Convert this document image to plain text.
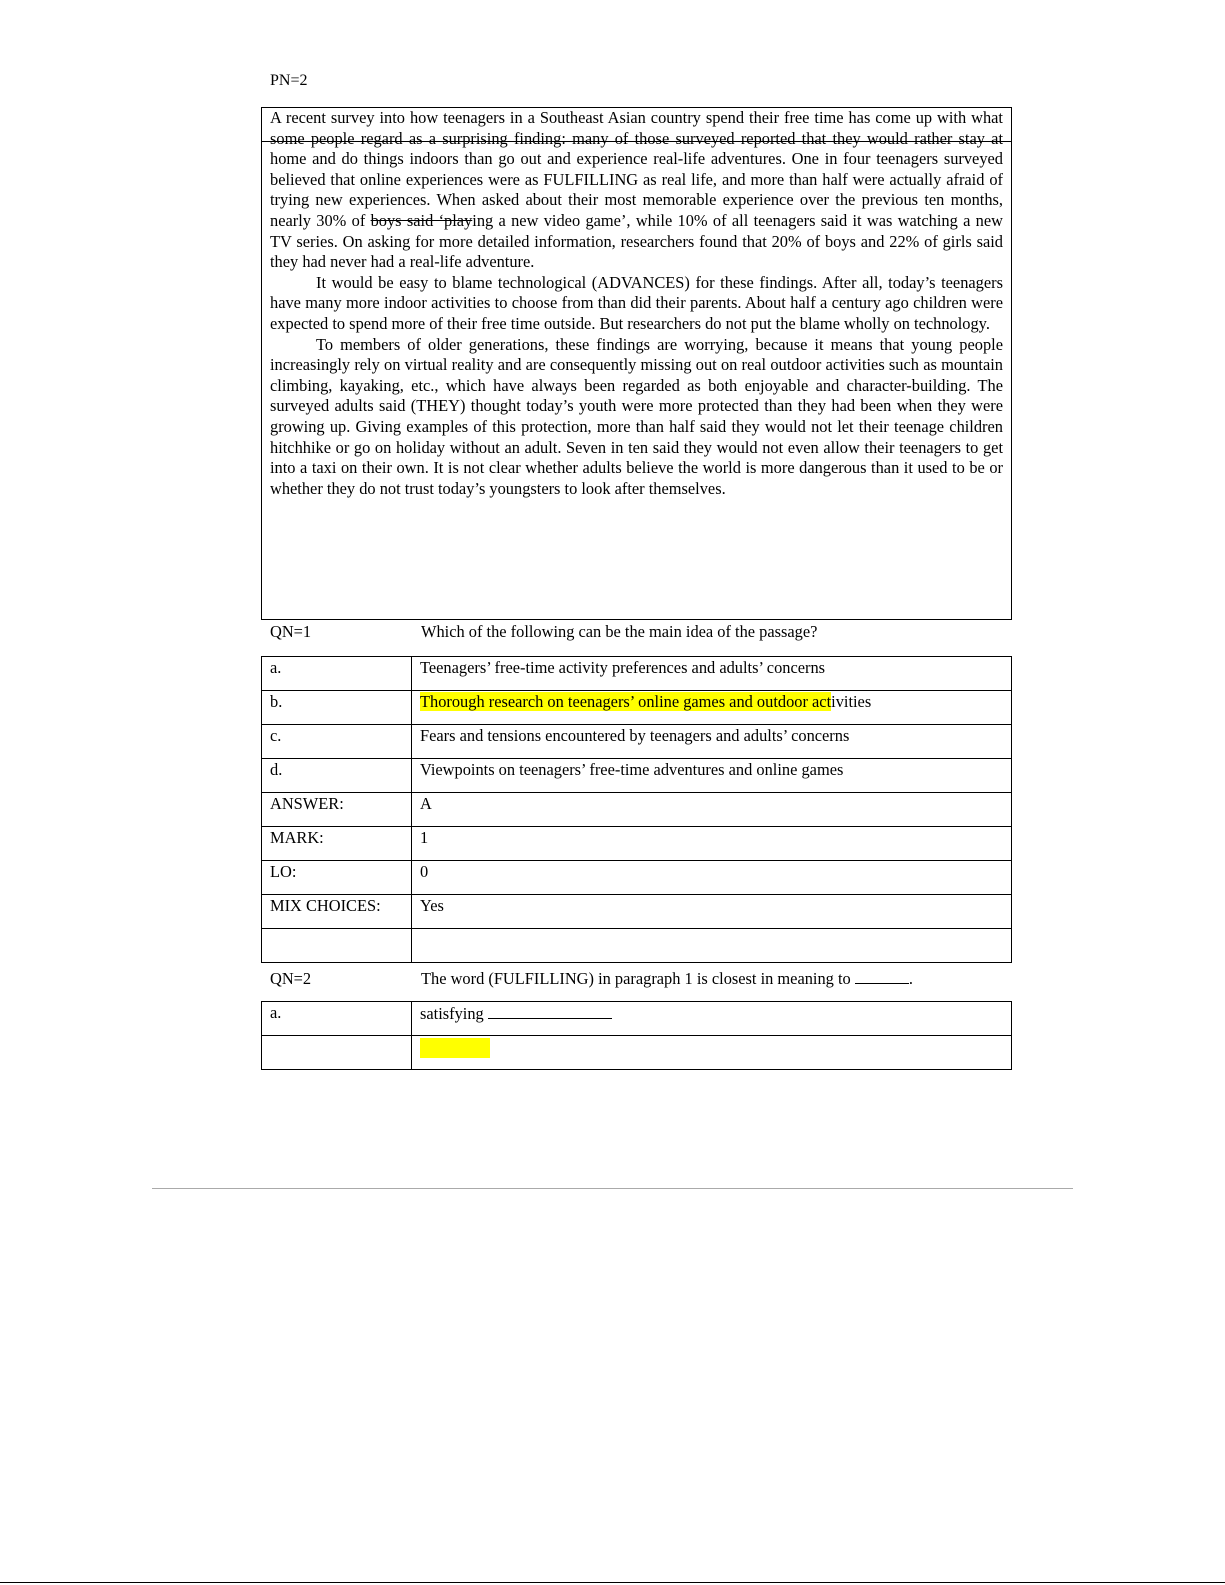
PN=2

A recent survey into how teenagers in a Southeast Asian country spend their free time has come up with what some people regard as a surprising finding: many of those surveyed reported that they would rather stay at home and do things indoors than go out and experience real-life adventures. One in four teenagers surveyed believed that online experiences were as FULFILLING as real life, and more than half were actually afraid of trying new experiences. When asked about their most memorable experience over the previous ten months, nearly 30% of boys said ‘playing a new video game’, while 10% of all teenagers said it was watching a new TV series. On asking for more detailed information, researchers found that 20% of boys and 22% of girls said they had never had a real-life adventure.

It would be easy to blame technological (ADVANCES) for these findings. After all, today’s teenagers have many more indoor activities to choose from than did their parents. About half a century ago children were expected to spend more of their free time outside. But researchers do not put the blame wholly on technology.

To members of older generations, these findings are worrying, because it means that young people increasingly rely on virtual reality and are consequently missing out on real outdoor activities such as mountain climbing, kayaking, etc., which have always been regarded as both enjoyable and character-building. The surveyed adults said (THEY) thought today’s youth were more protected than they had been when they were growing up. Giving examples of this protection, more than half said they would not let their teenage children hitchhike or go on holiday without an adult. Seven in ten said they would not even allow their teenagers to get into a taxi on their own. It is not clear whether adults believe the world is more dangerous than it used to be or whether they do not trust today’s youngsters to look after themselves.

QN=1	Which of the following can be the main idea of the passage?
a.	Teenagers’ free-time activity preferences and adults’ concerns
b.	Thorough research on teenagers’ online games and outdoor activities
c.	Fears and tensions encountered by teenagers and adults’ concerns
d.	Viewpoints on teenagers’ free-time adventures and online games
ANSWER:	A
MARK:	1
LO:	0
MIX CHOICES:	Yes

QN=2	The word (FULFILLING) in paragraph 1 is closest in meaning to	.
a.	satisfying
